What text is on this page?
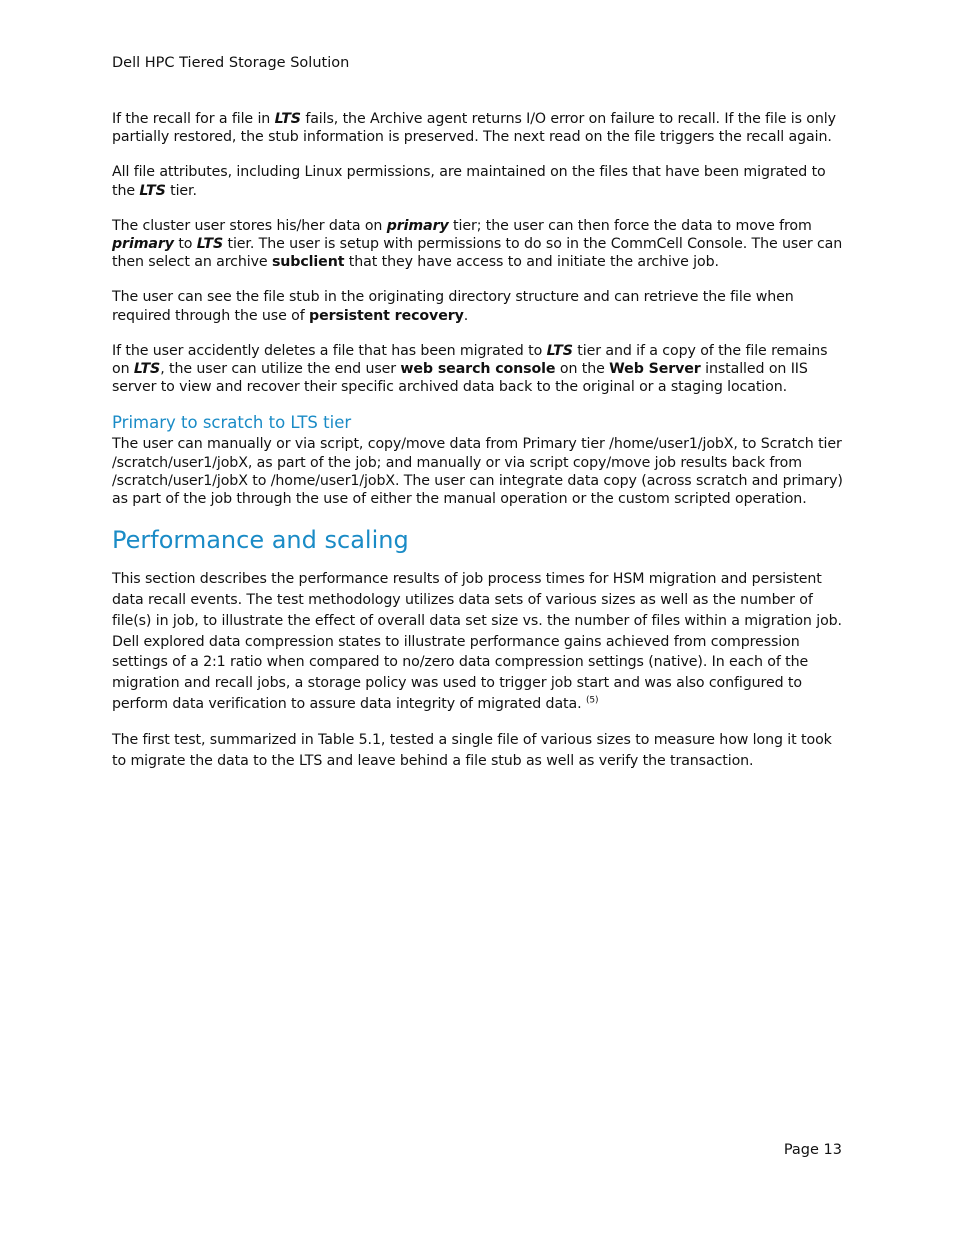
Dell HPC Tiered Storage Solution

If the recall for a file in LTS fails, the Archive agent returns I/O error on failure to recall. If the file is only partially restored, the stub information is preserved. The next read on the file triggers the recall again.

All file attributes, including Linux permissions, are maintained on the files that have been migrated to the LTS tier.

The cluster user stores his/her data on primary tier; the user can then force the data to move from primary to LTS tier. The user is setup with permissions to do so in the CommCell Console. The user can then select an archive subclient that they have access to and initiate the archive job.

The user can see the file stub in the originating directory structure and can retrieve the file when required through the use of persistent recovery.

If the user accidently deletes a file that has been migrated to LTS tier and if a copy of the file remains on LTS, the user can utilize the end user web search console on the Web Server installed on IIS server to view and recover their specific archived data back to the original or a staging location.

Primary to scratch to LTS tier

The user can manually or via script, copy/move data from Primary tier /home/user1/jobX, to Scratch tier /scratch/user1/jobX, as part of the job; and manually or via script copy/move job results back from /scratch/user1/jobX to /home/user1/jobX. The user can integrate data copy (across scratch and primary) as part of the job through the use of either the manual operation or the custom scripted operation.

Performance and scaling

This section describes the performance results of job process times for HSM migration and persistent data recall events. The test methodology utilizes data sets of various sizes as well as the number of file(s) in job, to illustrate the effect of overall data set size vs. the number of files within a migration job. Dell explored data compression states to illustrate performance gains achieved from compression settings of a 2:1 ratio when compared to no/zero data compression settings (native). In each of the migration and recall jobs, a storage policy was used to trigger job start and was also configured to perform data verification to assure data integrity of migrated data. $^{(5)}$

The first test, summarized in Table 5.1, tested a single file of various sizes to measure how long it took to migrate the data to the LTS and leave behind a file stub as well as verify the transaction.

Page 13
